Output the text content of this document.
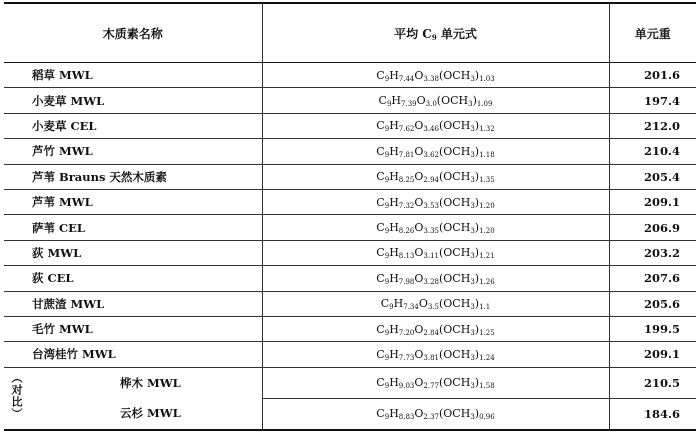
木质素名称	平均 $C_9$ 单元式	单元重
稻草 MWL	$C_9H_{7.44}O_{3.38}(OCH_3)_{1.03}$	201.6
小麦草 MWL	$C_9H_{7.39}O_{3.0}(OCH_3)_{1.09}$	197.4
小麦草 CEL	$C_9H_{7.62}O_{3.46}(OCH_3)_{1.32}$	212.0
芦竹 MWL	$C_9H_{7.81}O_{3.62}(OCH_3)_{1.18}$	210.4
芦苇 Brauns 天然木质素	$C_9H_{8.25}O_{2.94}(OCH_3)_{1.35}$	205.4
芦苇 MWL	$C_9H_{7.32}O_{3.53}(OCH_3)_{1.20}$	209.1
萨苇 CEL	$C_9H_{8.26}O_{3.35}(OCH_3)_{1.20}$	206.9
荻 MWL	$C_9H_{8.13}O_{3.11}(OCH_3)_{1.21}$	203.2
荻 CEL	$C_9H_{7.98}O_{3.28}(OCH_3)_{1.26}$	207.6
甘蔗渣 MWL	$C_9H_{7.34}O_{3.5}(OCH_3)_{1.1}$	205.6
毛竹 MWL	$C_9H_{7.20}O_{2.84}(OCH_3)_{1.25}$	199.5
台湾桂竹 MWL	$C_9H_{7.73}O_{3.81}(OCH_3)_{1.24}$	209.1

（对比） 桦木 MWL	$C_9H_{9.03}O_{2.77}(OCH_3)_{1.58}$	210.5

云杉 MWL	$C_9H_{8.83}O_{2.37}(OCH_3)_{0.96}$	184.6
